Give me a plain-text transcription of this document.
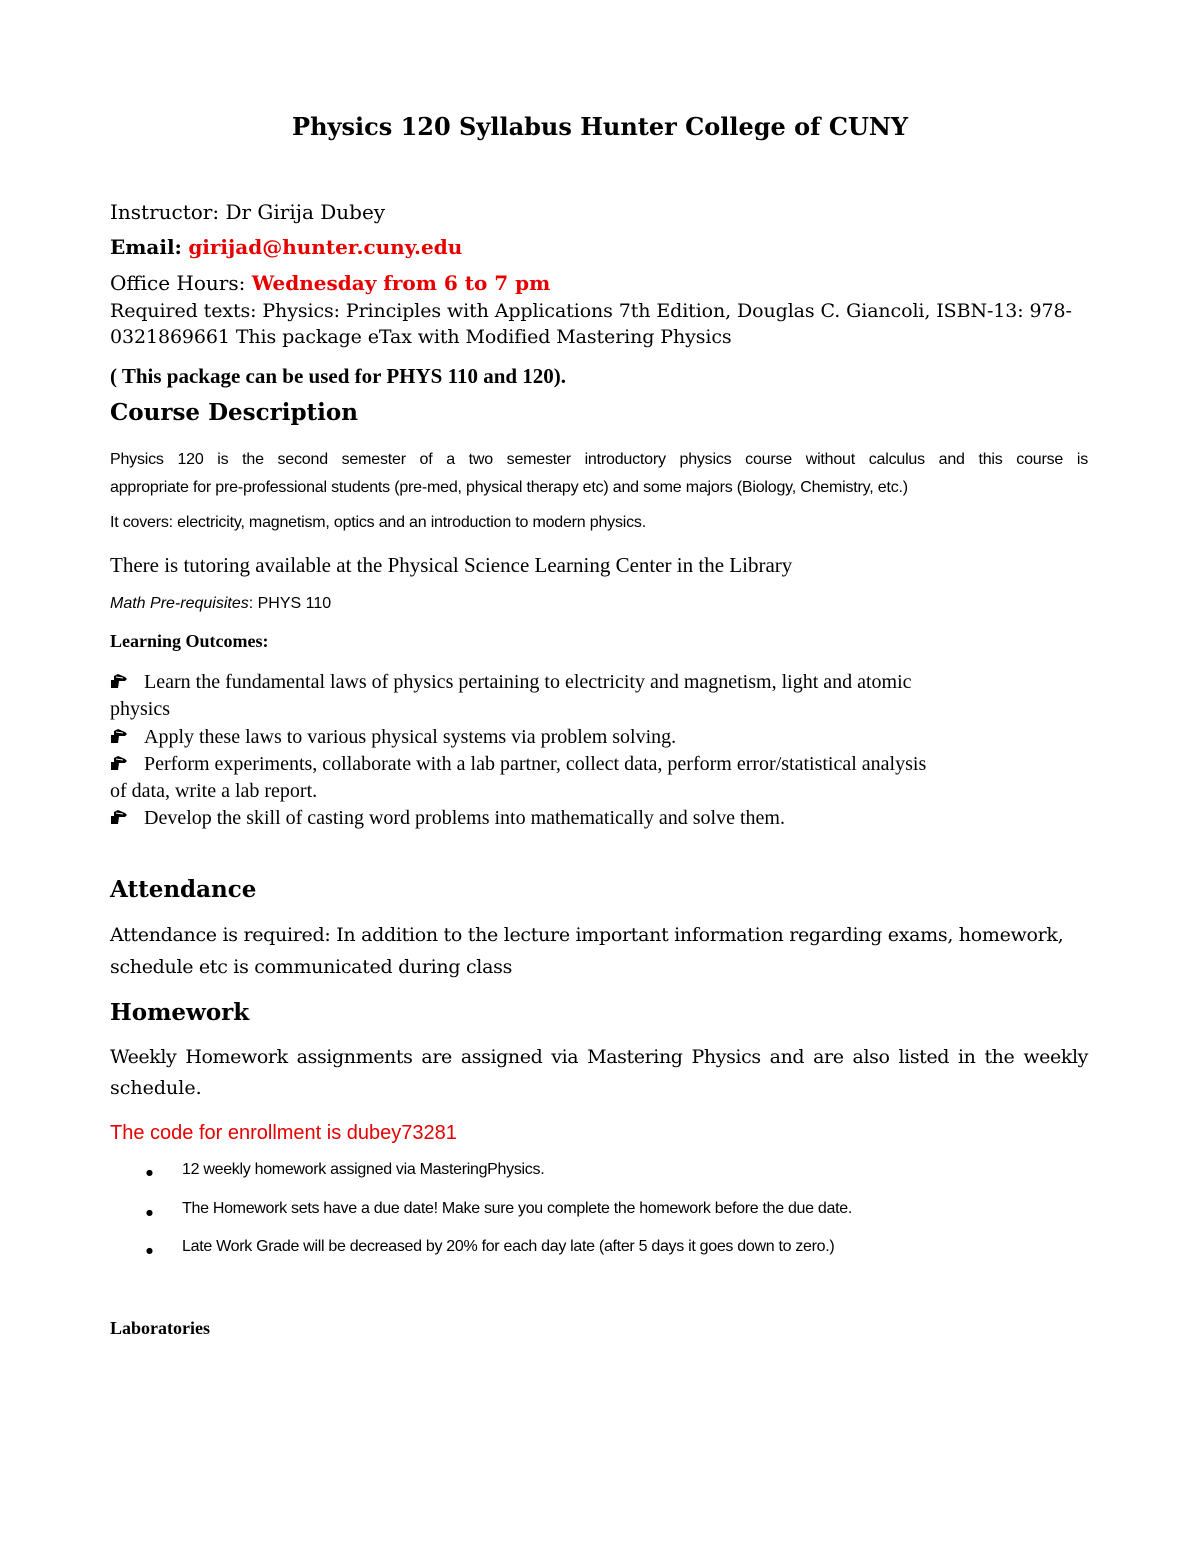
Physics 120 Syllabus Hunter College of CUNY
Instructor: Dr Girija Dubey
Email: girijad@hunter.cuny.edu
Office Hours: Wednesday from 6 to 7 pm
Required texts: Physics: Principles with Applications 7th Edition, Douglas C. Giancoli, ISBN-13: 978-
0321869661 This package eTax with Modified Mastering Physics
( This package can be used for PHYS 110 and 120).
Course Description
Physics 120 is the second semester of a two semester introductory physics course without calculus and this course is
appropriate for pre-professional students (pre-med, physical therapy etc) and some majors (Biology, Chemistry, etc.)
It covers: electricity, magnetism, optics and an introduction to modern physics.
There is tutoring available at the Physical Science Learning Center in the Library
Math Pre-requisites: PHYS 110
Learning Outcomes:
Learn the fundamental laws of physics pertaining to electricity and magnetism, light and atomic
physics
Apply these laws to various physical systems via problem solving.
Perform experiments, collaborate with a lab partner, collect data, perform error/statistical analysis
of data, write a lab report.
Develop the skill of casting word problems into mathematically and solve them.
Attendance
Attendance is required: In addition to the lecture important information regarding exams, homework,
schedule etc is communicated during class
Homework
Weekly Homework assignments are assigned via Mastering Physics and are also listed in the weekly
schedule.
The code for enrollment is dubey73281
● 12 weekly homework assigned via MasteringPhysics.
● The Homework sets have a due date! Make sure you complete the homework before the due date.
● Late Work Grade will be decreased by 20% for each day late (after 5 days it goes down to zero.)
Laboratories
